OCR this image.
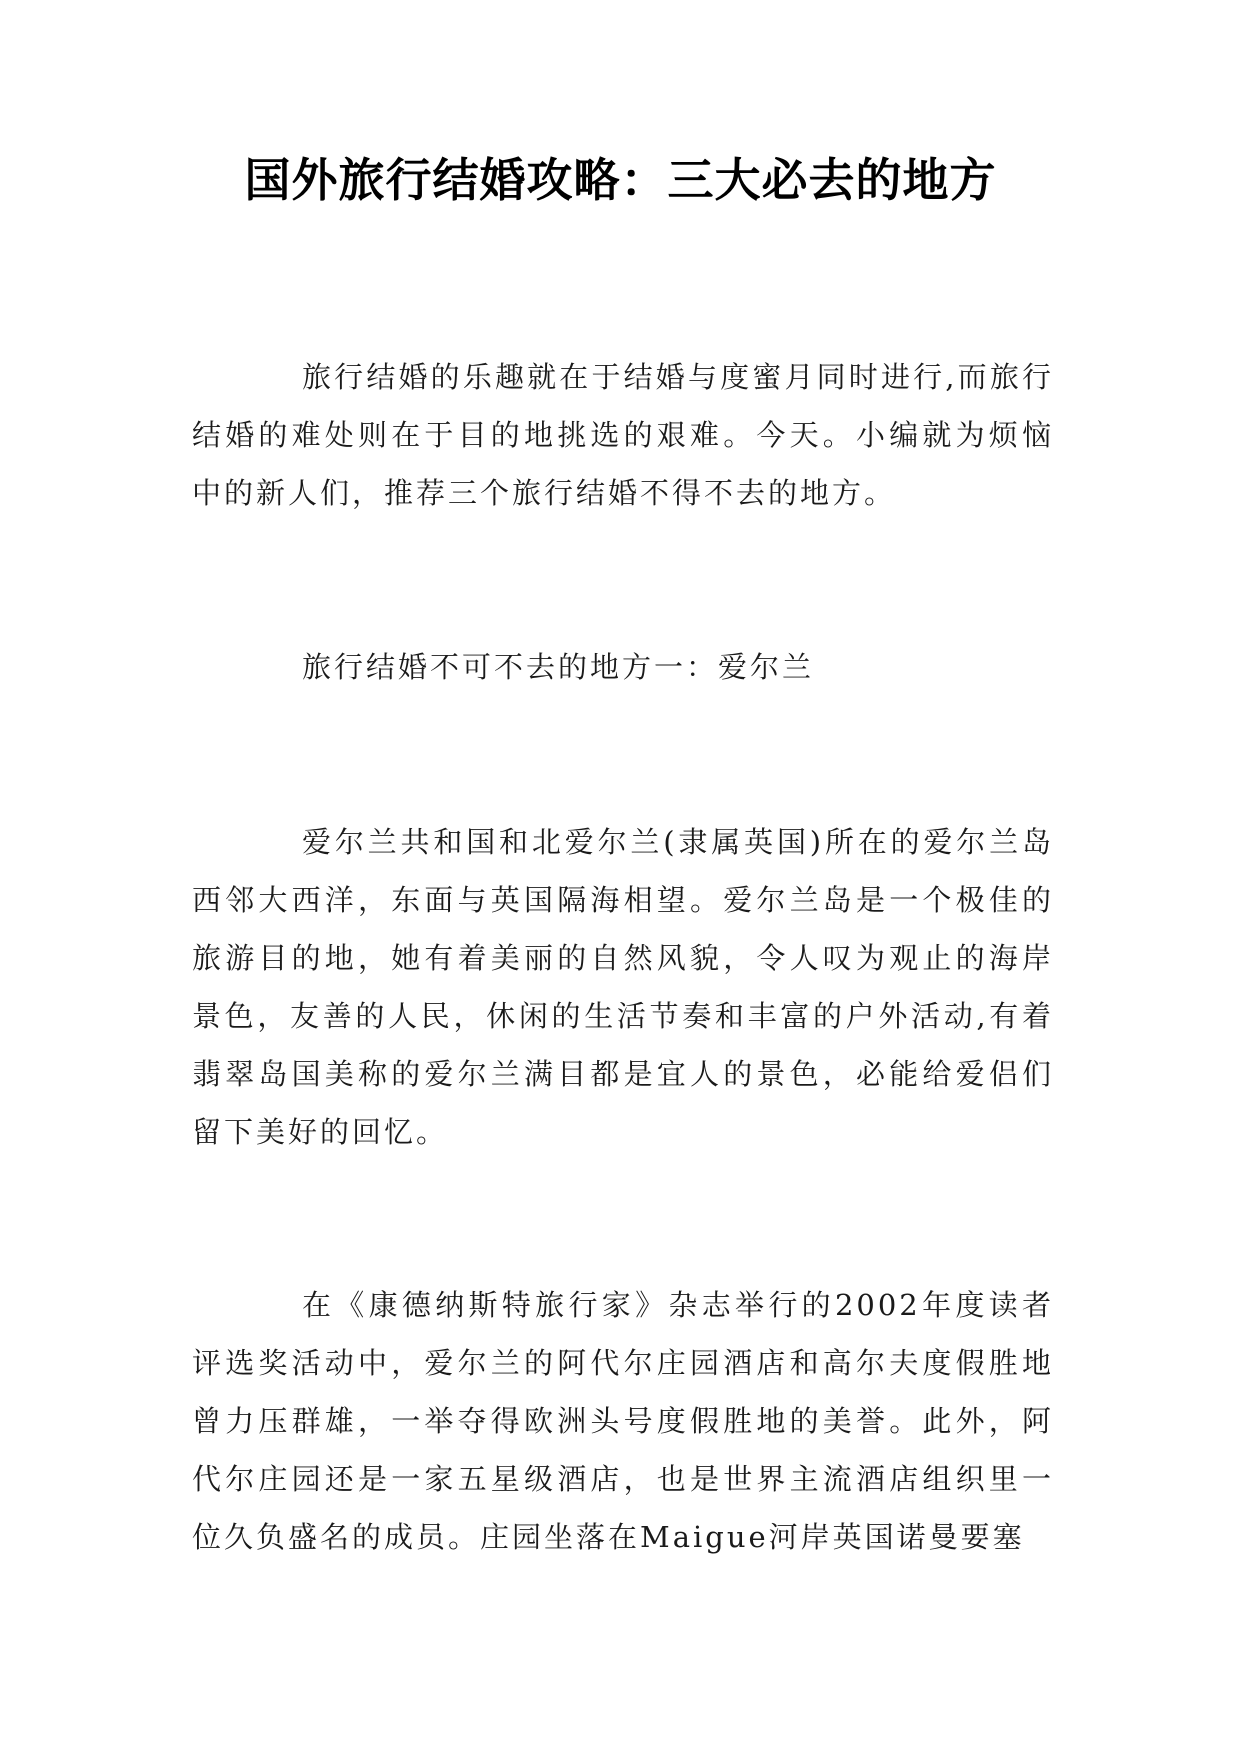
国外旅行结婚攻略：三大必去的地方

旅行结婚的乐趣就在于结婚与度蜜月同时进行,而旅行结婚的难处则在于目的地挑选的艰难。今天。小编就为烦恼中的新人们，推荐三个旅行结婚不得不去的地方。

旅行结婚不可不去的地方一：爱尔兰

爱尔兰共和国和北爱尔兰(隶属英国)所在的爱尔兰岛西邻大西洋，东面与英国隔海相望。爱尔兰岛是一个极佳的旅游目的地，她有着美丽的自然风貌，令人叹为观止的海岸景色，友善的人民，休闲的生活节奏和丰富的户外活动,有着翡翠岛国美称的爱尔兰满目都是宜人的景色，必能给爱侣们留下美好的回忆。

在《康德纳斯特旅行家》杂志举行的2002年度读者评选奖活动中，爱尔兰的阿代尔庄园酒店和高尔夫度假胜地曾力压群雄，一举夺得欧洲头号度假胜地的美誉。此外，阿代尔庄园还是一家五星级酒店，也是世界主流酒店组织里一位久负盛名的成员。庄园坐落在Maigue河岸英国诺曼要塞
